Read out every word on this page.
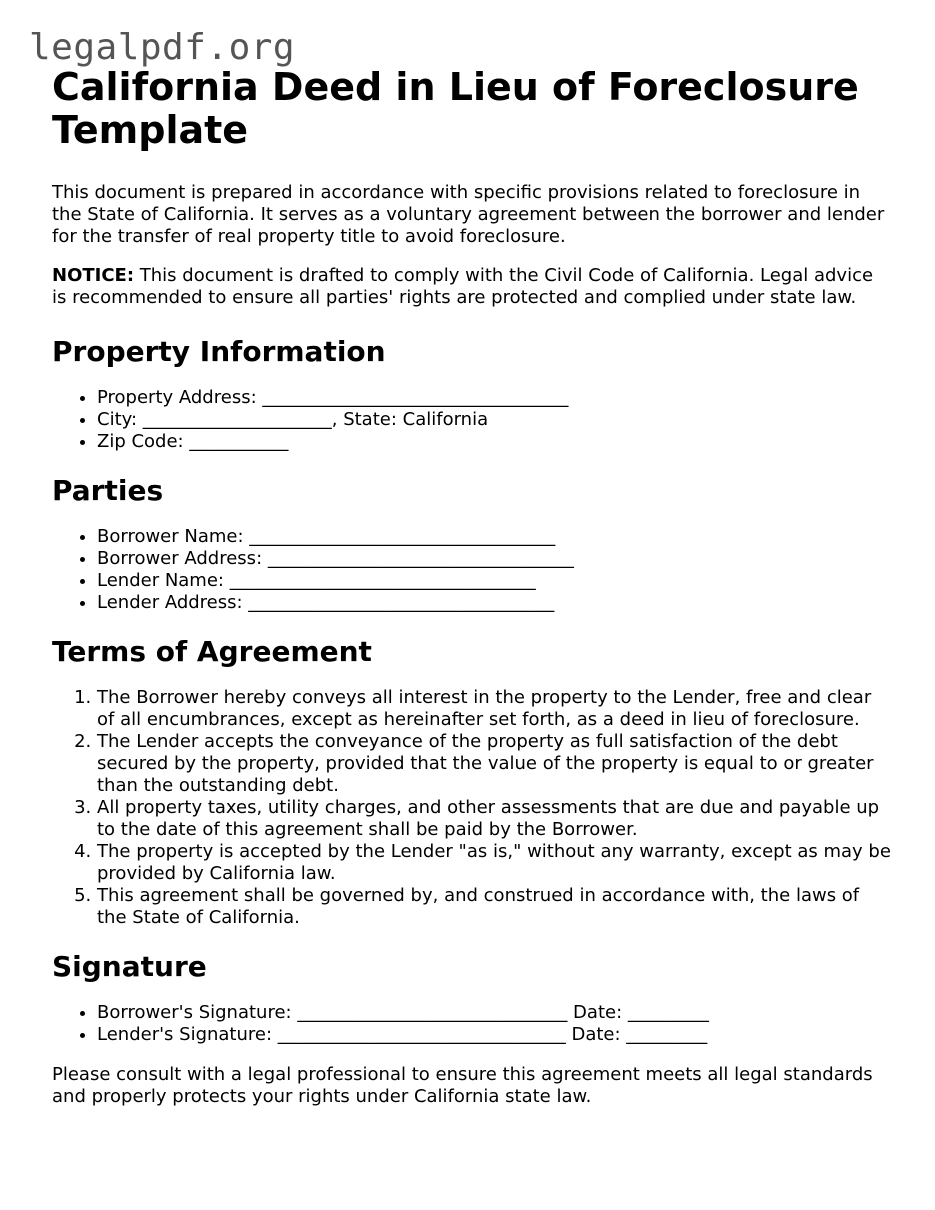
legalpdf.org
California Deed in Lieu of Foreclosure Template

This document is prepared in accordance with specific provisions related to foreclosure in the State of California. It serves as a voluntary agreement between the borrower and lender for the transfer of real property title to avoid foreclosure.

NOTICE: This document is drafted to comply with the Civil Code of California. Legal advice is recommended to ensure all parties' rights are protected and complied under state law.

Property Information
• Property Address: __________________________________
• City: _____________________, State: California
• Zip Code: ___________
Parties
• Borrower Name: __________________________________
• Borrower Address: __________________________________
• Lender Name: __________________________________
• Lender Address: __________________________________
Terms of Agreement
1. The Borrower hereby conveys all interest in the property to the Lender, free and clear of all encumbrances, except as hereinafter set forth, as a deed in lieu of foreclosure.
2. The Lender accepts the conveyance of the property as full satisfaction of the debt secured by the property, provided that the value of the property is equal to or greater than the outstanding debt.
3. All property taxes, utility charges, and other assessments that are due and payable up to the date of this agreement shall be paid by the Borrower.
4. The property is accepted by the Lender "as is," without any warranty, except as may be provided by California law.
5. This agreement shall be governed by, and construed in accordance with, the laws of the State of California.
Signature
• Borrower's Signature: ______________________________ Date: _________
• Lender's Signature: ________________________________ Date: _________

Please consult with a legal professional to ensure this agreement meets all legal standards and properly protects your rights under California state law.
